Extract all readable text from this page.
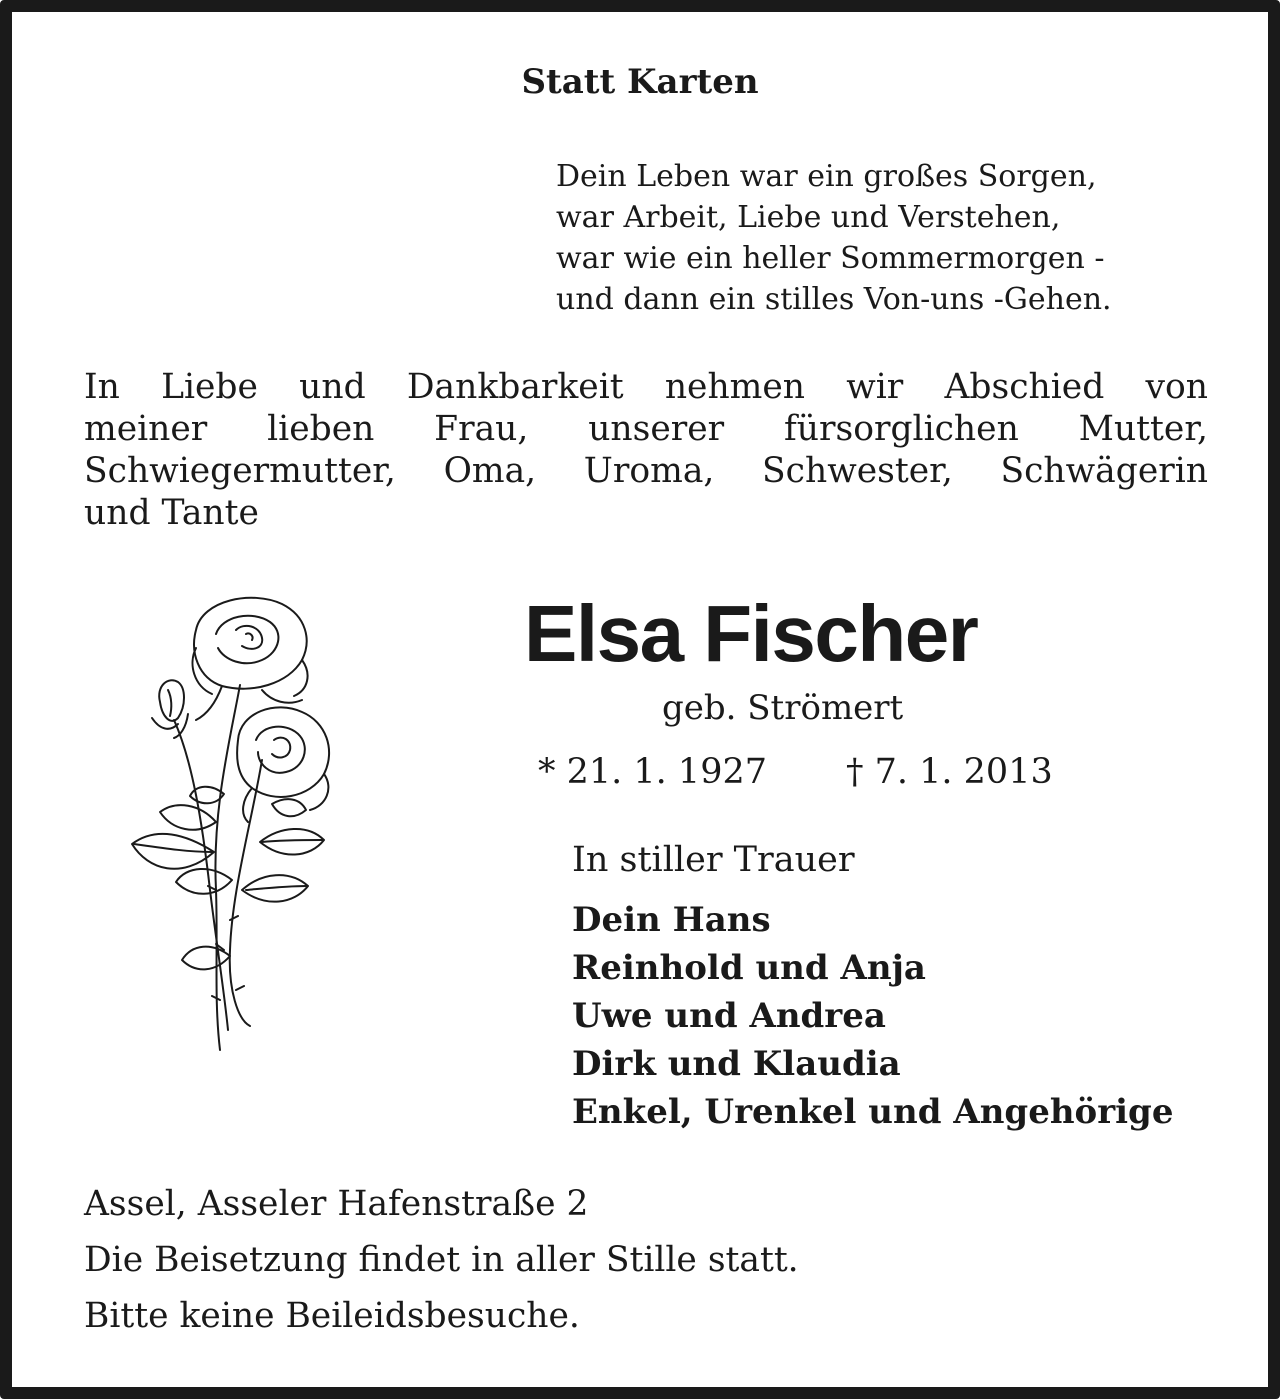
Statt Karten
Dein Leben war ein großes Sorgen,
war Arbeit, Liebe und Verstehen,
war wie ein heller Sommermorgen -
und dann ein stilles Von-uns -Gehen.
In Liebe und Dankbarkeit nehmen wir Abschied von
meiner lieben Frau, unserer fürsorglichen Mutter,
Schwiegermutter, Oma, Uroma, Schwester, Schwägerin
und Tante
Elsa Fischer
geb. Strömert
* 21. 1. 1927 † 7. 1. 2013
In stiller Trauer
Dein Hans
Reinhold und Anja
Uwe und Andrea
Dirk und Klaudia
Enkel, Urenkel und Angehörige
Assel, Asseler Hafenstraße 2
Die Beisetzung findet in aller Stille statt.
Bitte keine Beileidsbesuche.
